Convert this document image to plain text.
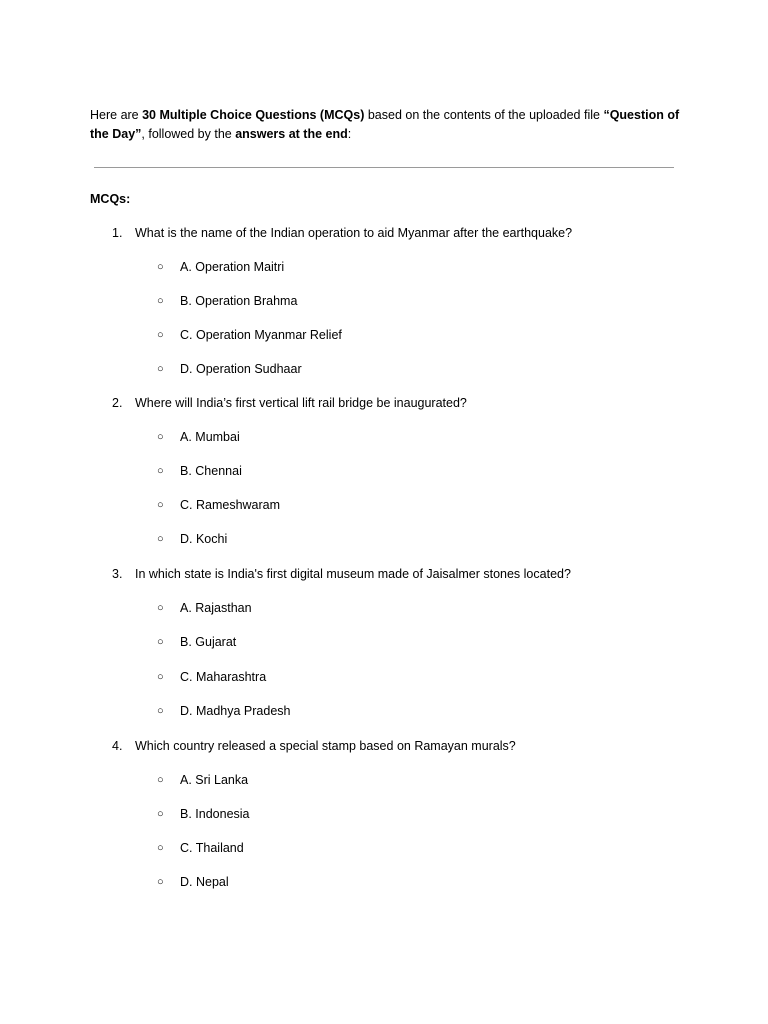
Here are 30 Multiple Choice Questions (MCQs) based on the contents of the uploaded file “Question of the Day”, followed by the answers at the end:
MCQs:
1. What is the name of the Indian operation to aid Myanmar after the earthquake?
○ A. Operation Maitri
○ B. Operation Brahma
○ C. Operation Myanmar Relief
○ D. Operation Sudhaar
2. Where will India’s first vertical lift rail bridge be inaugurated?
○ A. Mumbai
○ B. Chennai
○ C. Rameshwaram
○ D. Kochi
3. In which state is India's first digital museum made of Jaisalmer stones located?
○ A. Rajasthan
○ B. Gujarat
○ C. Maharashtra
○ D. Madhya Pradesh
4. Which country released a special stamp based on Ramayan murals?
○ A. Sri Lanka
○ B. Indonesia
○ C. Thailand
○ D. Nepal
